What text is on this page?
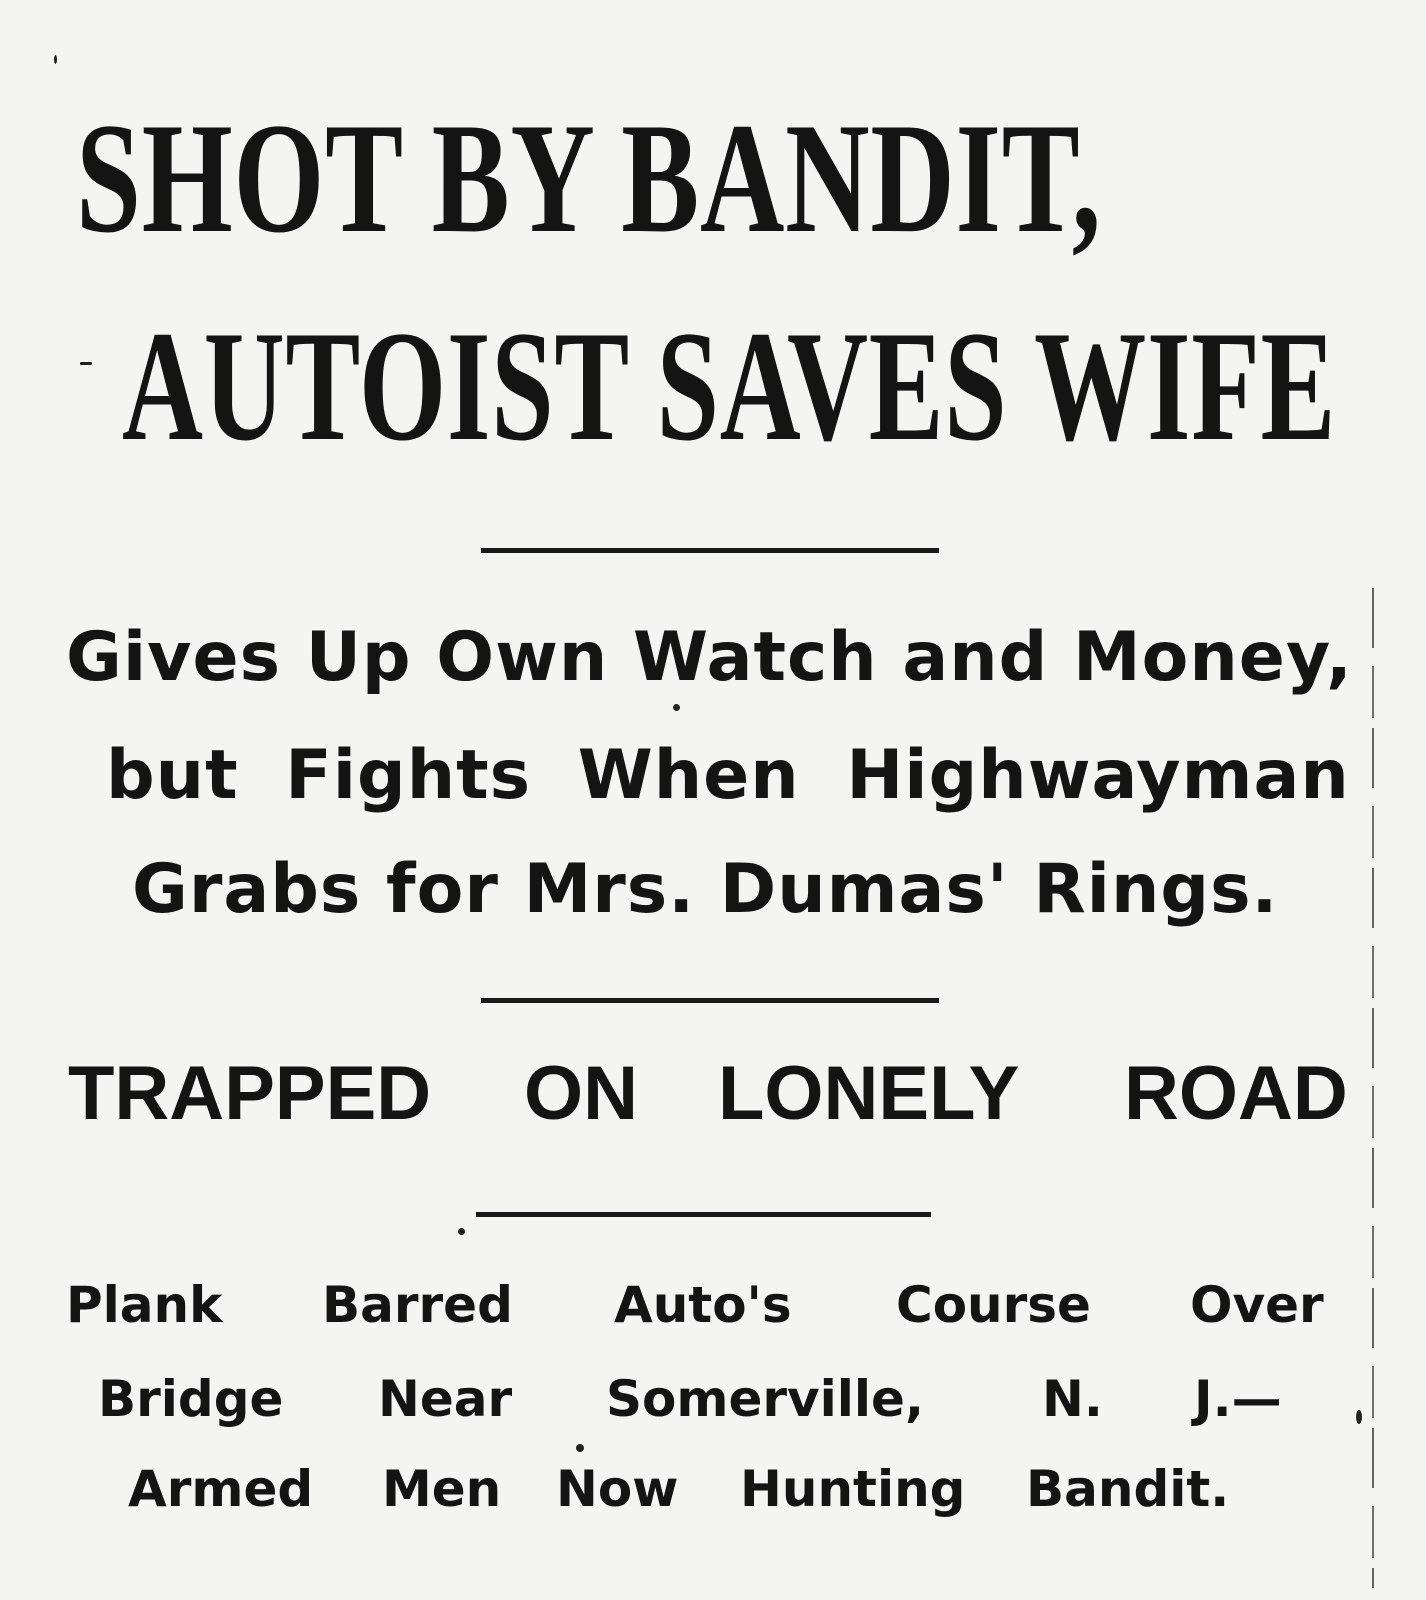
SHOT BY BANDIT,
AUTOIST SAVES WIFE
Gives Up Own Watch and Money,
but Fights When Highwayman
Grabs for Mrs. Dumas' Rings.
TRAPPED ON LONELY ROAD

Plank Barred Auto's Course Over

Bridge Near Somerville, N. J.—

Armed Men Now Hunting Bandit.
